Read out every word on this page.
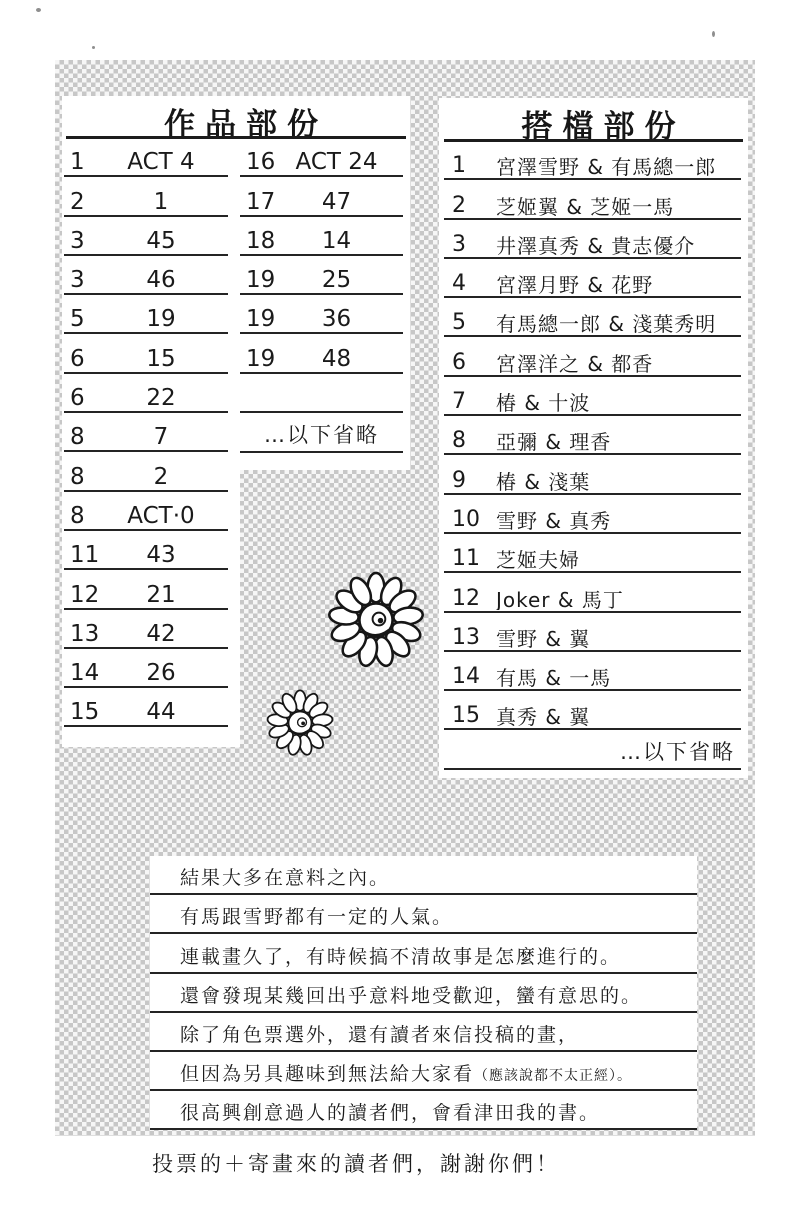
作品部份
1	ACT 4
2	1
3	45
3	46
5	19
6	15
6	22
8	7
8	2
8	ACT·0
11	43
12	21
13	42
14	26
15	44
16 ACT 24
17	47
18	14
19	25
19	36
19	48
…以下省略
搭檔部份
1	宮澤雪野 & 有馬總一郎
2	芝姬翼 & 芝姬一馬
3	井澤真秀 & 貴志優介
4	宮澤月野 & 花野
5	有馬總一郎 & 淺葉秀明
6	宮澤洋之 & 都香
7	椿 & 十波
8	亞彌 & 理香
9	椿 & 淺葉
10 雪野 & 真秀
11 芝姬夫婦
12 Joker & 馬丁
13 雪野 & 翼
14 有馬 & 一馬
15 真秀 & 翼
…以下省略
結果大多在意料之內。
有馬跟雪野都有一定的人氣。
連載畫久了，有時候搞不清故事是怎麼進行的。
還會發現某幾回出乎意料地受歡迎，蠻有意思的。
除了角色票選外，還有讀者來信投稿的畫，
但因為另具趣味到無法給大家看 （應該說都不太正經）。
很高興創意過人的讀者們，會看津田我的書。

投票的＋寄畫來的讀者們，謝謝你們！
